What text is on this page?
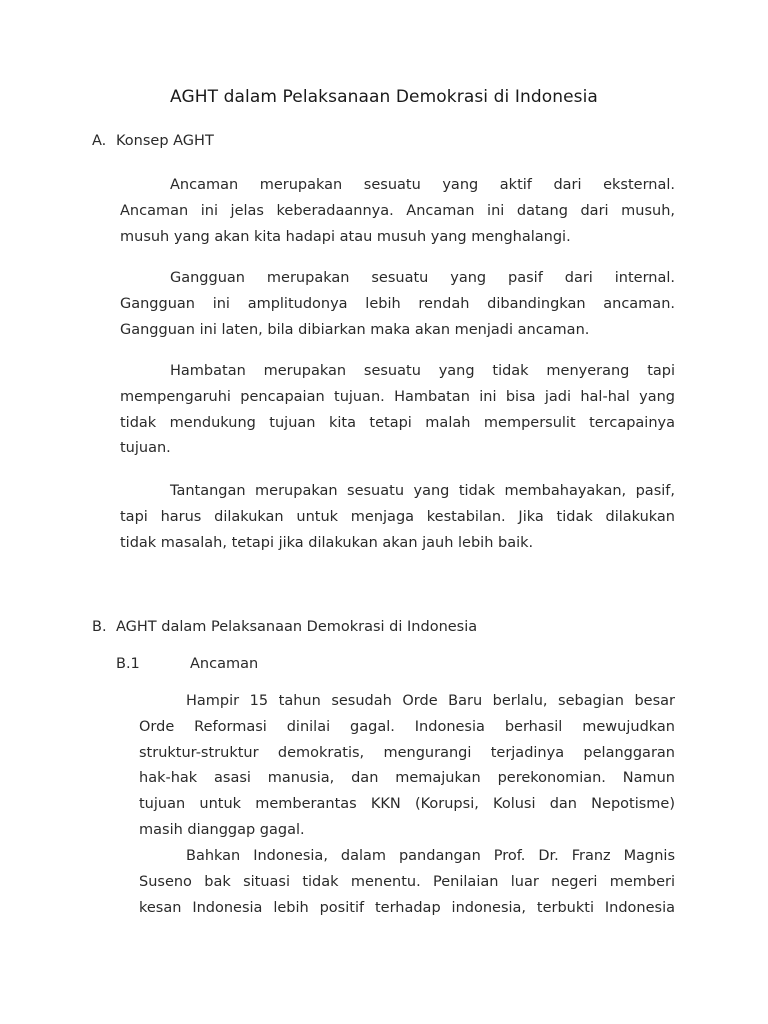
AGHT dalam Pelaksanaan Demokrasi di Indonesia
A. Konsep AGHT
Ancaman merupakan sesuatu yang aktif dari eksternal.
Ancaman ini jelas keberadaannya. Ancaman ini datang dari musuh,
musuh yang akan kita hadapi atau musuh yang menghalangi.
Gangguan merupakan sesuatu yang pasif dari internal.
Gangguan ini amplitudonya lebih rendah dibandingkan ancaman.
Gangguan ini laten, bila dibiarkan maka akan menjadi ancaman.
Hambatan merupakan sesuatu yang tidak menyerang tapi
mempengaruhi pencapaian tujuan. Hambatan ini bisa jadi hal-hal yang
tidak mendukung tujuan kita tetapi malah mempersulit tercapainya
tujuan.
Tantangan merupakan sesuatu yang tidak membahayakan, pasif,
tapi harus dilakukan untuk menjaga kestabilan. Jika tidak dilakukan
tidak masalah, tetapi jika dilakukan akan jauh lebih baik.
B. AGHT dalam Pelaksanaan Demokrasi di Indonesia
B.1	Ancaman
Hampir 15 tahun sesudah Orde Baru berlalu, sebagian besar
Orde Reformasi dinilai gagal. Indonesia berhasil mewujudkan
struktur-struktur demokratis, mengurangi terjadinya pelanggaran
hak-hak asasi manusia, dan memajukan perekonomian. Namun
tujuan untuk memberantas KKN (Korupsi, Kolusi dan Nepotisme)
masih dianggap gagal.
Bahkan Indonesia, dalam pandangan Prof. Dr. Franz Magnis
Suseno bak situasi tidak menentu. Penilaian luar negeri memberi
kesan Indonesia lebih positif terhadap indonesia, terbukti Indonesia
